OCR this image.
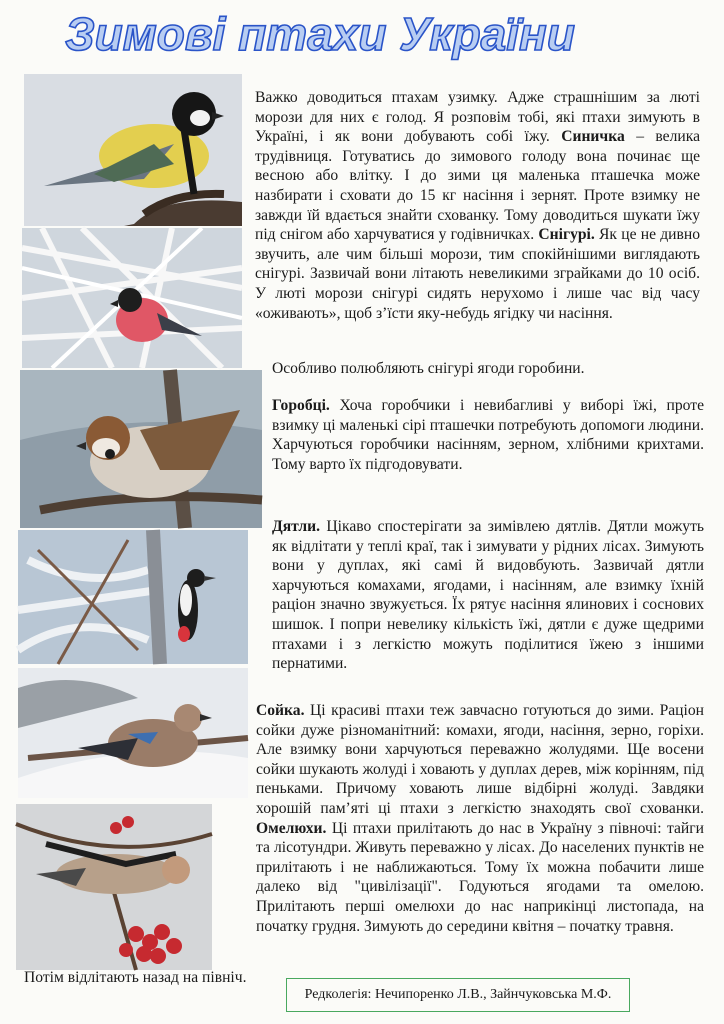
Зимові птахи України

Важко доводиться птахам узимку. Адже страшнішим за люті морози для них є голод. Я розповім тобі, які птахи зимують в Україні, і як вони добувають собі їжу. Синичка – велика трудівниця. Готуватись до зимового голоду вона починає ще весною або влітку. І до зими ця маленька пташечка може назбирати і сховати до 15 кг насіння і зернят. Проте взимку не завжди їй вдається знайти схованку. Тому доводиться шукати їжу під снігом або харчуватися у годівничках. Снігурі. Як це не дивно звучить, але чим більші морози, тим спокійнішими виглядають снігурі. Зазвичай вони літають невеликими зграйками до 10 осіб. У люті морози снігурі сидять нерухомо і лише час від часу «оживають», щоб з’їсти яку-небудь ягідку чи насіння.

Особливо полюбляють снігурі ягоди горобини.

Горобці. Хоча горобчики і невибагливі у виборі їжі, проте взимку ці маленькі сірі пташечки потребують допомоги людини. Харчуються горобчики насінням, зерном, хлібними крихтами. Тому варто їх підгодовувати.

Дятли. Цікаво спостерігати за зимівлею дятлів. Дятли можуть як відлітати у теплі краї, так і зимувати у рідних лісах. Зимують вони у дуплах, які самі й видовбують. Зазвичай дятли харчуються комахами, ягодами, і насінням, але взимку їхній раціон значно звужується. Їх рятує насіння ялинових і соснових шишок. І попри невелику кількість їжі, дятли є дуже щедрими птахами і з легкістю можуть поділитися їжею з іншими пернатими.

Сойка. Ці красиві птахи теж завчасно готуються до зими. Раціон сойки дуже різноманітний: комахи, ягоди, насіння, зерно, горіхи. Але взимку вони харчуються переважно жолудями. Ще восени сойки шукають жолуді і ховають у дуплах дерев, між корінням, під пеньками. Причому ховають лише відбірні жолуді. Завдяки хорошій пам’яті ці птахи з легкістю знаходять свої схованки. Омелюхи. Ці птахи прилітають до нас в Україну з півночі: тайги та лісотундри. Живуть переважно у лісах. До населених пунктів не прилітають і не наближаються. Тому їх можна побачити лише далеко від "цивілізації". Годуються ягодами та омелою. Прилітають перші омелюхи до нас наприкінці листопада, на початку грудня. Зимують до середини квітня – початку травня.

Потім відлітають назад на північ.

Редколегія: Нечипоренко Л.В., Зайнчуковська М.Ф.
